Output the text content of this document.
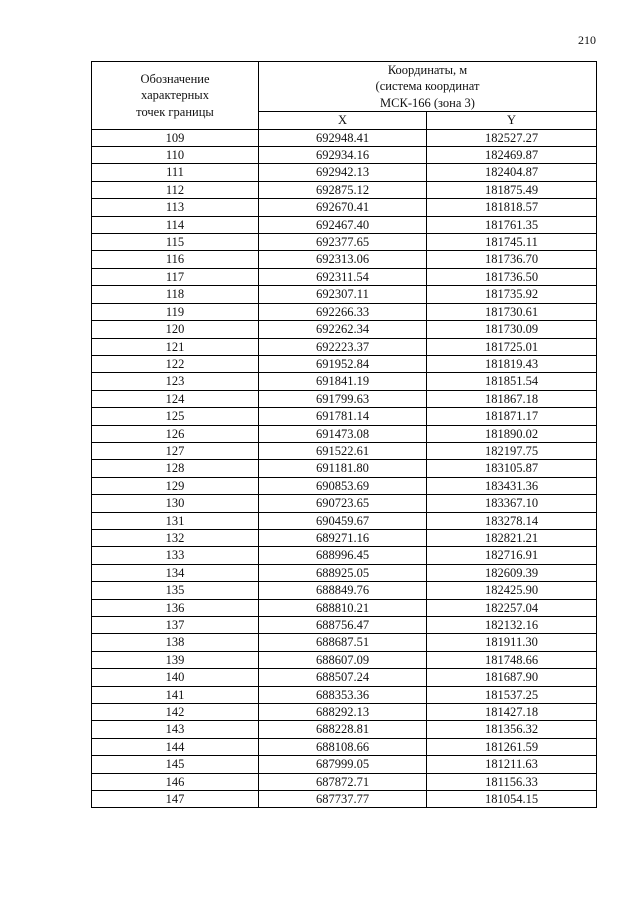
210
Обозначение
характерных
точек границы	Координаты, м
(система координат
МСК-166 (зона 3)	

	X	Y
109	692948.41	182527.27
110	692934.16	182469.87
111	692942.13	182404.87
112	692875.12	181875.49
113	692670.41	181818.57
114	692467.40	181761.35
115	692377.65	181745.11
116	692313.06	181736.70
117	692311.54	181736.50
118	692307.11	181735.92
119	692266.33	181730.61
120	692262.34	181730.09
121	692223.37	181725.01
122	691952.84	181819.43
123	691841.19	181851.54
124	691799.63	181867.18
125	691781.14	181871.17
126	691473.08	181890.02
127	691522.61	182197.75
128	691181.80	183105.87
129	690853.69	183431.36
130	690723.65	183367.10
131	690459.67	183278.14
132	689271.16	182821.21
133	688996.45	182716.91
134	688925.05	182609.39
135	688849.76	182425.90
136	688810.21	182257.04
137	688756.47	182132.16
138	688687.51	181911.30
139	688607.09	181748.66
140	688507.24	181687.90
141	688353.36	181537.25
142	688292.13	181427.18
143	688228.81	181356.32
144	688108.66	181261.59
145	687999.05	181211.63
146	687872.71	181156.33
147	687737.77	181054.15
